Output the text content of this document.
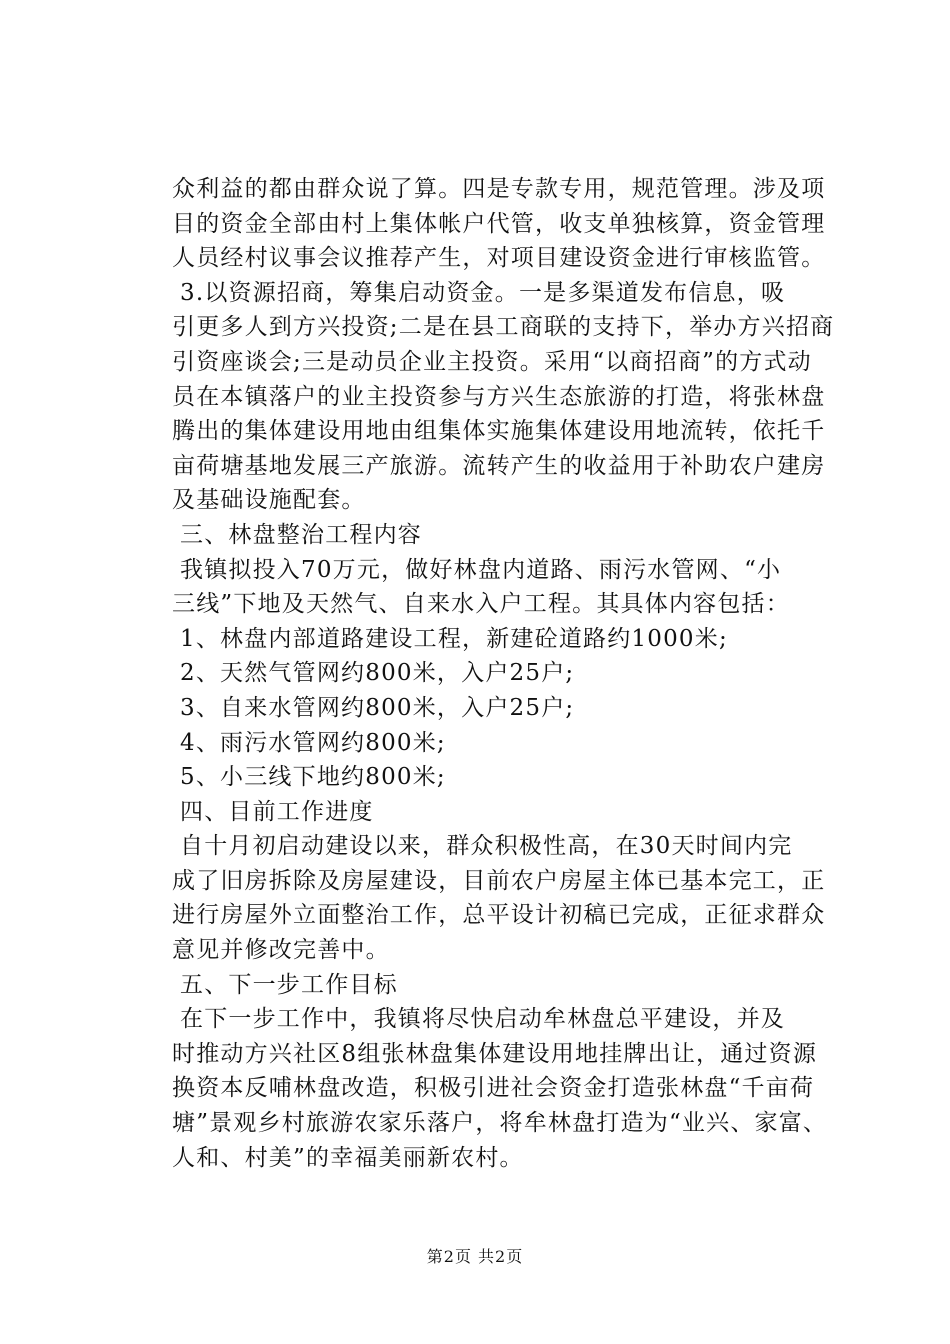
众利益的都由群众说了算。四是专款专用，规范管理。涉及项
目的资金全部由村上集体帐户代管，收支单独核算，资金管理
人员经村议事会议推荐产生，对项目建设资金进行审核监管。
3.以资源招商，筹集启动资金。一是多渠道发布信息，吸
引更多人到方兴投资;二是在县工商联的支持下，举办方兴招商
引资座谈会;三是动员企业主投资。采用“以商招商”的方式动
员在本镇落户的业主投资参与方兴生态旅游的打造，将张林盘
腾出的集体建设用地由组集体实施集体建设用地流转，依托千
亩荷塘基地发展三产旅游。流转产生的收益用于补助农户建房
及基础设施配套。
三、林盘整治工程内容
我镇拟投入70万元，做好林盘内道路、雨污水管网、“小
三线”下地及天然气、自来水入户工程。其具体内容包括：
1、林盘内部道路建设工程，新建砼道路约1000米;
2、天然气管网约800米，入户25户;
3、自来水管网约800米，入户25户;
4、雨污水管网约800米;
5、小三线下地约800米;
四、目前工作进度
自十月初启动建设以来，群众积极性高，在30天时间内完
成了旧房拆除及房屋建设，目前农户房屋主体已基本完工，正
进行房屋外立面整治工作，总平设计初稿已完成，正征求群众
意见并修改完善中。
五、下一步工作目标
在下一步工作中，我镇将尽快启动牟林盘总平建设，并及
时推动方兴社区8组张林盘集体建设用地挂牌出让，通过资源
换资本反哺林盘改造，积极引进社会资金打造张林盘“千亩荷
塘”景观乡村旅游农家乐落户，将牟林盘打造为“业兴、家富、
人和、村美”的幸福美丽新农村。
第2页 共2页
